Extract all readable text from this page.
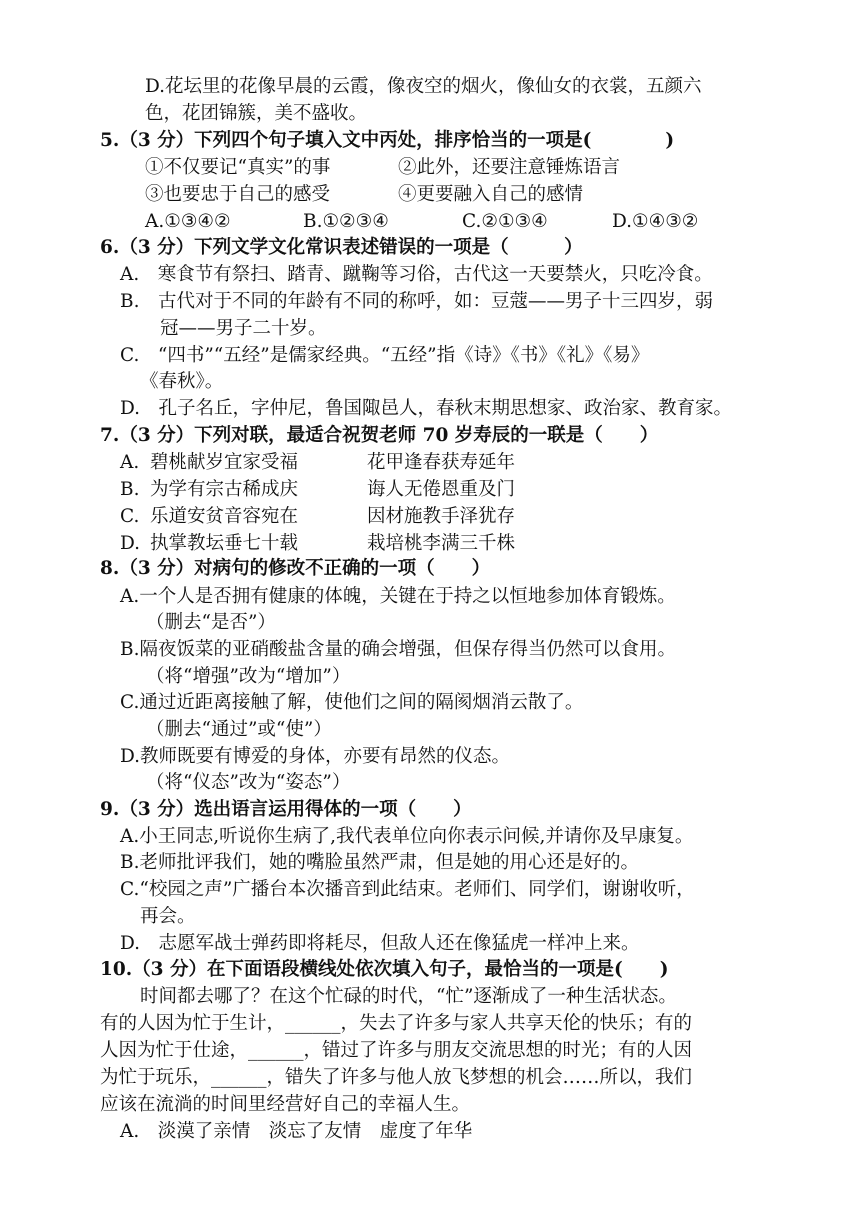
D.花坛里的花像早晨的云霞，像夜空的烟火，像仙女的衣裳，五颜六
色，花团锦簇，美不盛收。
5.（3 分）下列四个句子填入文中丙处，排序恰当的一项是(　　　　)
①不仅要记“真实”的事	②此外，还要注意锤炼语言
③也要忠于自己的感受	④更要融入自己的感情
A.①③④②	B.①②③④	C.②①③④	D.①④③②
6.（3 分）下列文学文化常识表述错误的一项是（　　　）
A.　寒食节有祭扫、踏青、蹴鞠等习俗，古代这一天要禁火，只吃冷食。
B.　古代对于不同的年龄有不同的称呼，如：豆蔻——男子十三四岁，弱
冠——男子二十岁。
C.　“四书”“五经”是儒家经典。“五经”指《诗》《书》《礼》《易》
《春秋》。
D.　孔子名丘，字仲尼，鲁国陬邑人，春秋末期思想家、政治家、教育家。
7.（3 分）下列对联，最适合祝贺老师 70 岁寿辰的一联是（　　）
A. 碧桃献岁宜家受福	花甲逢春获寿延年
B. 为学有宗古稀成庆	诲人无倦恩重及门
C. 乐道安贫音容宛在	因材施教手泽犹存
D. 执掌教坛垂七十载	栽培桃李满三千株
8.（3 分）对病句的修改不正确的一项（　　）
A.一个人是否拥有健康的体魄，关键在于持之以恒地参加体育锻炼。
（删去“是否”）
B.隔夜饭菜的亚硝酸盐含量的确会增强，但保存得当仍然可以食用。
（将“增强”改为“增加”）
C.通过近距离接触了解，使他们之间的隔阂烟消云散了。
（删去“通过”或“使”）
D.教师既要有博爱的身体，亦要有昂然的仪态。
（将“仪态”改为“姿态”）
9.（3 分）选出语言运用得体的一项（　　）
A.小王同志,听说你生病了,我代表单位向你表示问候,并请你及早康复。
B.老师批评我们，她的嘴脸虽然严肃，但是她的用心还是好的。
C.“校园之声”广播台本次播音到此结束。老师们、同学们，谢谢收听，
再会。
D.　志愿军战士弹药即将耗尽，但敌人还在像猛虎一样冲上来。
10.（3 分）在下面语段横线处依次填入句子，最恰当的一项是(　　)
时间都去哪了？在这个忙碌的时代，“忙”逐渐成了一种生活状态。
有的人因为忙于生计，______，失去了许多与家人共享天伦的快乐；有的
人因为忙于仕途，______，错过了许多与朋友交流思想的时光；有的人因
为忙于玩乐，______，错失了许多与他人放飞梦想的机会……所以，我们
应该在流淌的时间里经营好自己的幸福人生。
A.　淡漠了亲情　淡忘了友情　虚度了年华
